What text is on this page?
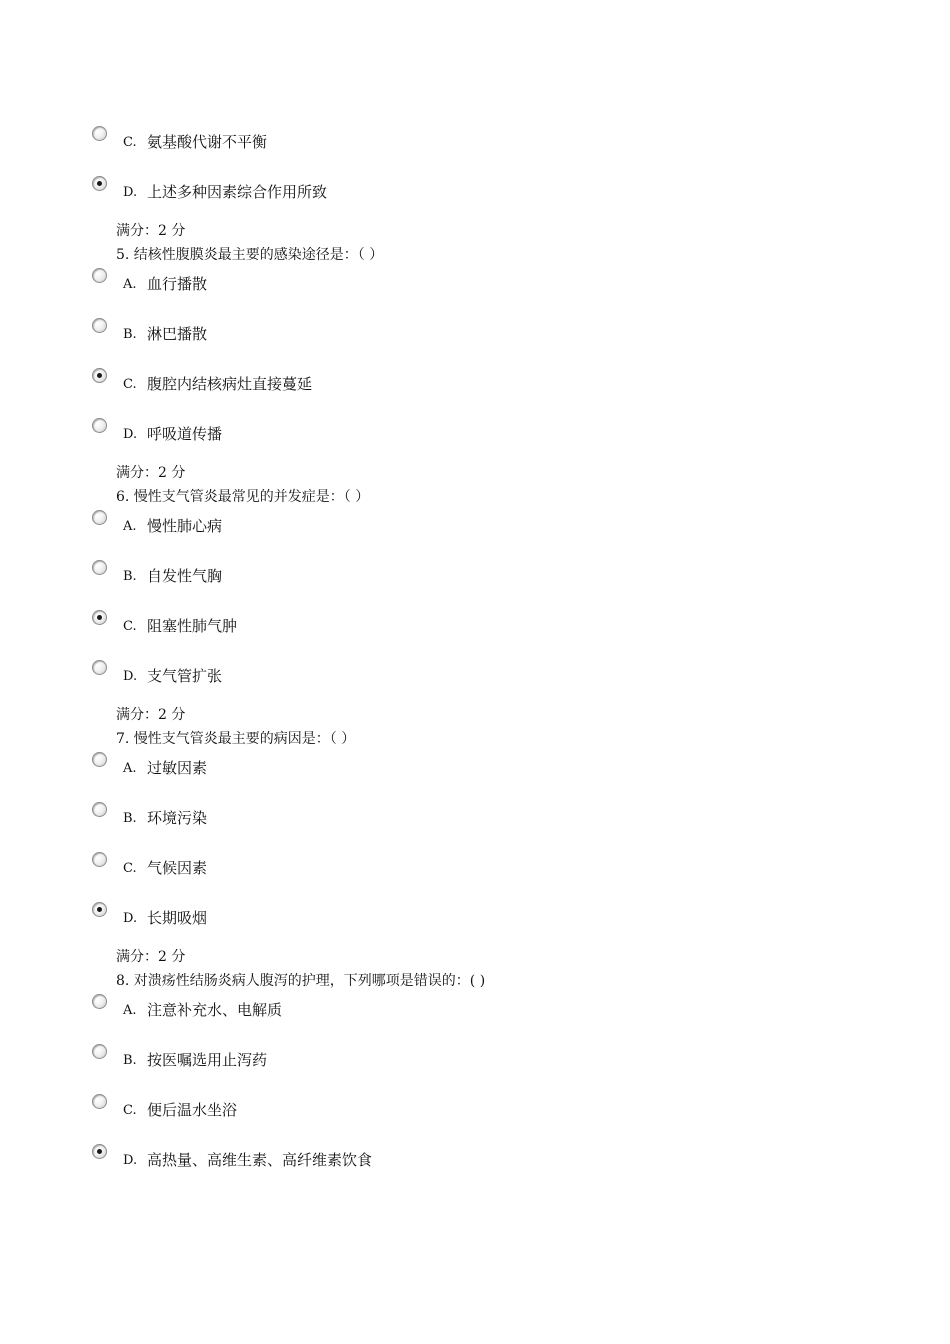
C. 氨基酸代谢不平衡
D. 上述多种因素综合作用所致
满分：2 分
5. 结核性腹膜炎最主要的感染途径是：（ ）
A. 血行播散
B. 淋巴播散
C. 腹腔内结核病灶直接蔓延
D. 呼吸道传播
满分：2 分
6. 慢性支气管炎最常见的并发症是：（ ）
A. 慢性肺心病
B. 自发性气胸
C. 阻塞性肺气肿
D. 支气管扩张
满分：2 分
7. 慢性支气管炎最主要的病因是：（ ）
A. 过敏因素
B. 环境污染
C. 气候因素
D. 长期吸烟
满分：2 分
8. 对溃疡性结肠炎病人腹泻的护理，下列哪项是错误的：( )
A. 注意补充水、电解质
B. 按医嘱选用止泻药
C. 便后温水坐浴
D. 高热量、高维生素、高纤维素饮食
